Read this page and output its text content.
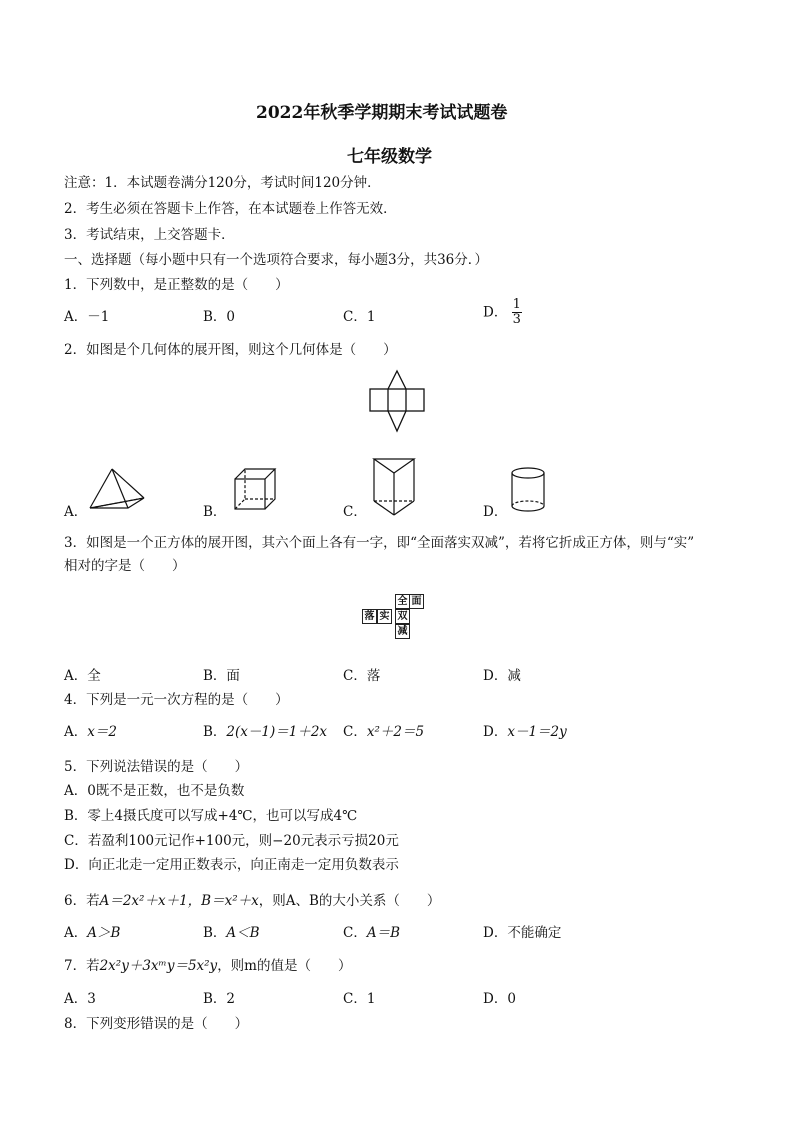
2022年秋季学期期末考试试题卷
七年级数学
注意：1．本试题卷满分120分，考试时间120分钟．
2．考生必须在答题卡上作答，在本试题卷上作答无效．
3．考试结束，上交答题卡．
一、选择题（每小题中只有一个选项符合要求，每小题3分，共36分．）
1．下列数中，是正整数的是（　　）
A．－1	B．0	C．1	D． $\frac{1}{3}$
2．如图是个几何体的展开图，则这个几何体是（　　）
A．	B．	C．	D．
3．如图是一个正方体的展开图，其六个面上各有一字，即“全面落实双减”，若将它折成正方体，则与“实”
相对的字是（　　）
全 面
落 实 双
减
A．全	B．面	C．落	D．减
4．下列是一元一次方程的是（　　）
A．x＝2	B．2(x－1)＝1＋2x C．x²＋2＝5	D．x－1＝2y
5．下列说法错误的是（　　）
A．0既不是正数，也不是负数
B．零上4摄氏度可以写成+4℃，也可以写成4℃
C．若盈利100元记作+100元，则−20元表示亏损20元
D．向正北走一定用正数表示，向正南走一定用负数表示
6．若A＝2x²＋x＋1，B＝x²＋x，则A、B的大小关系（　　）
A．A＞B	B．A＜B	C．A＝B	D．不能确定
7．若2x²y＋3xᵐy＝5x²y，则m的值是（　　）
A．3	B．2	C．1	D．0
8．下列变形错误的是（　　）
